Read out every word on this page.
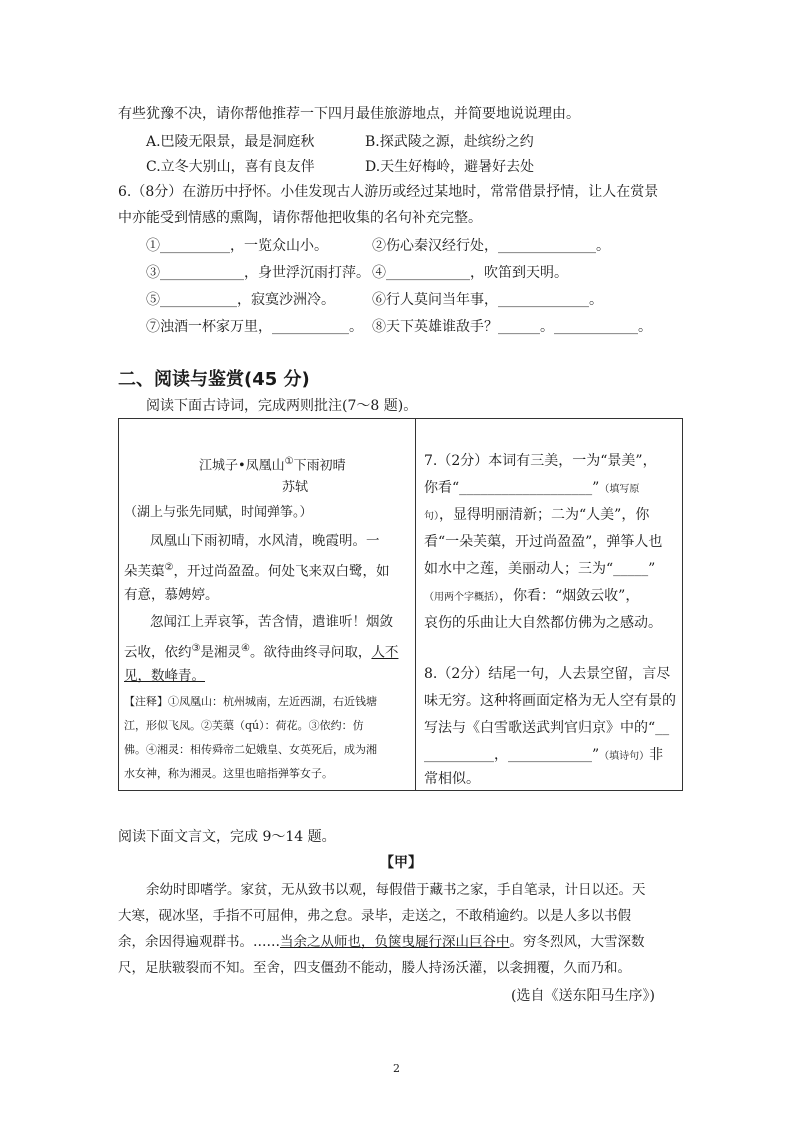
有些犹豫不决，请你帮他推荐一下四月最佳旅游地点，并简要地说说理由。
A.巴陵无限景，最是洞庭秋	B.探武陵之源，赴缤纷之约
C.立冬大别山，喜有良友伴	D.天生好梅岭，避暑好去处
6.（8分）在游历中抒怀。小佳发现古人游历或经过某地时，常常借景抒情，让人在赏景
中亦能受到情感的熏陶，请你帮他把收集的名句补充完整。
①__________，一览众山小。	②伤心秦汉经行处，______________。
③____________，身世浮沉雨打萍。 ④____________，吹笛到天明。
⑤___________，寂寞沙洲冷。	⑥行人莫问当年事，_____________。
⑦浊酒一杯家万里，___________。 ⑧天下英雄谁敌手？______。____________。
二、阅读与鉴赏(45 分)
阅读下面古诗词，完成两则批注(7～8 题)。
江城子•凤凰山①下雨初晴
苏轼
（湖上与张先同赋，时闻弹筝。）
凤凰山下雨初晴，水风清，晚霞明。一
朵芙蕖②，开过尚盈盈。何处飞来双白鹭，如
有意，慕娉婷。
忽闻江上弄哀筝，苦含情，遣谁听！烟敛
云收，依约③是湘灵④。欲待曲终寻问取，人不
见，数峰青。
【注释】①凤凰山：杭州城南，左近西湖，右近钱塘
江，形似飞凤。②芙蕖（qú）：荷花。③依约：仿
佛。④湘灵：相传舜帝二妃娥皇、女英死后，成为湘
水女神，称为湘灵。这里也暗指弹筝女子。
7.（2分）本词有三美，一为“景美”，
你看“___________________”（填写原
句），显得明丽清新；二为“人美”，你
看“一朵芙蕖，开过尚盈盈”，弹筝人也
如水中之莲，美丽动人；三为“_____”
（用两个字概括），你看：“烟敛云收”，
哀伤的乐曲让大自然都仿佛为之感动。
8.（2分）结尾一句，人去景空留，言尽
味无穷。这种将画面定格为无人空有景的
写法与《白雪歌送武判官归京》中的“__
__________，____________”（填诗句）非
常相似。
阅读下面文言文，完成 9～14 题。
【甲】
余幼时即嗜学。家贫，无从致书以观，每假借于藏书之家，手自笔录，计日以还。天
大寒，砚冰坚，手指不可屈伸，弗之怠。录毕，走送之，不敢稍逾约。以是人多以书假
余，余因得遍观群书。……当余之从师也，负箧曳屣行深山巨谷中。穷冬烈风，大雪深数
尺，足肤皲裂而不知。至舍，四支僵劲不能动，媵人持汤沃灌，以衾拥覆，久而乃和。
(选自《送东阳马生序》)
2
